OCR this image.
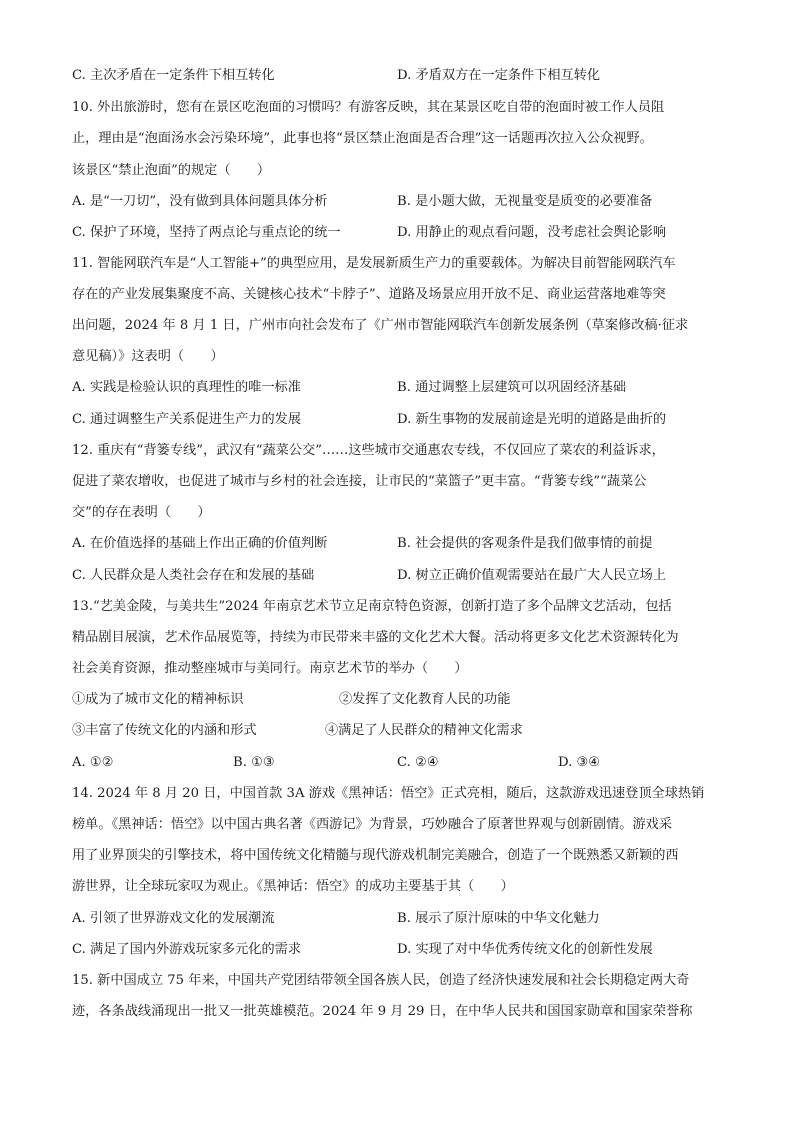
C. 主次矛盾在一定条件下相互转化	D. 矛盾双方在一定条件下相互转化
10. 外出旅游时，您有在景区吃泡面的习惯吗？有游客反映，其在某景区吃自带的泡面时被工作人员阻
止，理由是“泡面汤水会污染环境”，此事也将“景区禁止泡面是否合理”这一话题再次拉入公众视野。
该景区“禁止泡面”的规定（　　）
A. 是“一刀切”，没有做到具体问题具体分析	B. 是小题大做，无视量变是质变的必要准备
C. 保护了环境，坚持了两点论与重点论的统一	D. 用静止的观点看问题，没考虑社会舆论影响
11. 智能网联汽车是“人工智能+”的典型应用，是发展新质生产力的重要载体。为解决目前智能网联汽车
存在的产业发展集聚度不高、关键核心技术“卡脖子”、道路及场景应用开放不足、商业运营落地难等突
出问题，2024 年 8 月 1 日，广州市向社会发布了《广州市智能网联汽车创新发展条例（草案修改稿·征求
意见稿）》这表明（　　）
A. 实践是检验认识的真理性的唯一标准	B. 通过调整上层建筑可以巩固经济基础
C. 通过调整生产关系促进生产力的发展	D. 新生事物的发展前途是光明的道路是曲折的
12. 重庆有“背篓专线”，武汉有“蔬菜公交”……这些城市交通惠农专线，不仅回应了菜农的利益诉求，
促进了菜农增收，也促进了城市与乡村的社会连接，让市民的“菜篮子”更丰富。“背篓专线”“蔬菜公
交”的存在表明（　　）
A. 在价值选择的基础上作出正确的价值判断	B. 社会提供的客观条件是我们做事情的前提
C. 人民群众是人类社会存在和发展的基础	D. 树立正确价值观需要站在最广大人民立场上
13.“艺美金陵，与美共生”2024 年南京艺术节立足南京特色资源，创新打造了多个品牌文艺活动，包括
精品剧目展演，艺术作品展览等，持续为市民带来丰盛的文化艺术大餐。活动将更多文化艺术资源转化为
社会美育资源，推动整座城市与美同行。南京艺术节的举办（　　）
①成为了城市文化的精神标识	②发挥了文化教育人民的功能
③丰富了传统文化的内涵和形式	④满足了人民群众的精神文化需求
A. ①②	B. ①③	C. ②④	D. ③④
14. 2024 年 8 月 20 日，中国首款 3A 游戏《黑神话：悟空》正式亮相，随后，这款游戏迅速登顶全球热销
榜单。《黑神话：悟空》以中国古典名著《西游记》为背景，巧妙融合了原著世界观与创新剧情。游戏采
用了业界顶尖的引擎技术，将中国传统文化精髓与现代游戏机制完美融合，创造了一个既熟悉又新颖的西
游世界，让全球玩家叹为观止。《黑神话：悟空》的成功主要基于其（　　）
A. 引领了世界游戏文化的发展潮流	B. 展示了原汁原味的中华文化魅力
C. 满足了国内外游戏玩家多元化的需求	D. 实现了对中华优秀传统文化的创新性发展
15. 新中国成立 75 年来，中国共产党团结带领全国各族人民，创造了经济快速发展和社会长期稳定两大奇
迹，各条战线涌现出一批又一批英雄模范。2024 年 9 月 29 日，在中华人民共和国国家勋章和国家荣誉称
